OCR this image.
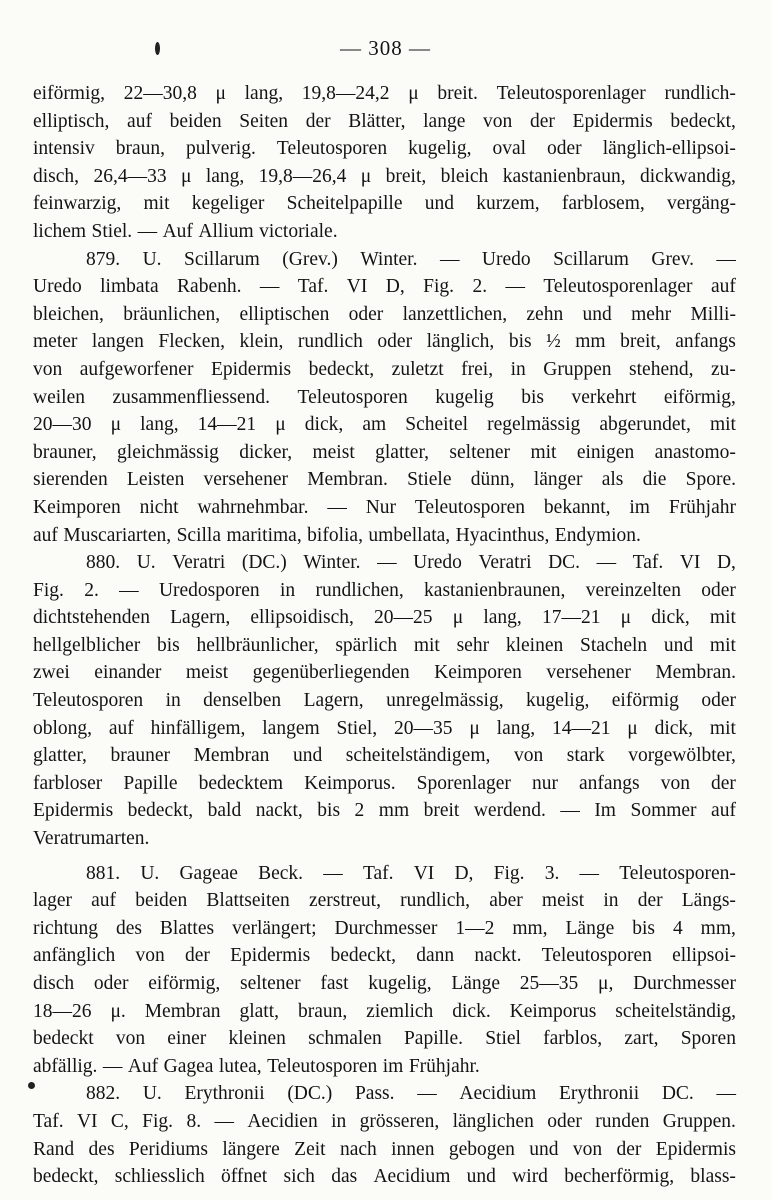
— 308 —
eiförmig, 22—30,8 μ lang, 19,8—24,2 μ breit. Teleutosporenlager rundlich-
elliptisch, auf beiden Seiten der Blätter, lange von der Epidermis bedeckt,
intensiv braun, pulverig. Teleutosporen kugelig, oval oder länglich-ellipsoi-
disch, 26,4—33 μ lang, 19,8—26,4 μ breit, bleich kastanienbraun, dickwandig,
feinwarzig, mit kegeliger Scheitelpapille und kurzem, farblosem, vergäng-
lichem Stiel. — Auf Allium victoriale.
879. U. Scillarum (Grev.) Winter. — Uredo Scillarum Grev. —
Uredo limbata Rabenh. — Taf. VI D, Fig. 2. — Teleutosporenlager auf
bleichen, bräunlichen, elliptischen oder lanzettlichen, zehn und mehr Milli-
meter langen Flecken, klein, rundlich oder länglich, bis ½ mm breit, anfangs
von aufgeworfener Epidermis bedeckt, zuletzt frei, in Gruppen stehend, zu-
weilen zusammenfliessend. Teleutosporen kugelig bis verkehrt eiförmig,
20—30 μ lang, 14—21 μ dick, am Scheitel regelmässig abgerundet, mit
brauner, gleichmässig dicker, meist glatter, seltener mit einigen anastomo-
sierenden Leisten versehener Membran. Stiele dünn, länger als die Spore.
Keimporen nicht wahrnehmbar. — Nur Teleutosporen bekannt, im Frühjahr
auf Muscariarten, Scilla maritima, bifolia, umbellata, Hyacinthus, Endymion.
880. U. Veratri (DC.) Winter. — Uredo Veratri DC. — Taf. VI D,
Fig. 2. — Uredosporen in rundlichen, kastanienbraunen, vereinzelten oder
dichtstehenden Lagern, ellipsoidisch, 20—25 μ lang, 17—21 μ dick, mit
hellgelblicher bis hellbräunlicher, spärlich mit sehr kleinen Stacheln und mit
zwei einander meist gegenüberliegenden Keimporen versehener Membran.
Teleutosporen in denselben Lagern, unregelmässig, kugelig, eiförmig oder
oblong, auf hinfälligem, langem Stiel, 20—35 μ lang, 14—21 μ dick, mit
glatter, brauner Membran und scheitelständigem, von stark vorgewölbter,
farbloser Papille bedecktem Keimporus. Sporenlager nur anfangs von der
Epidermis bedeckt, bald nackt, bis 2 mm breit werdend. — Im Sommer auf
Veratrumarten.
881. U. Gageae Beck. — Taf. VI D, Fig. 3. — Teleutosporen-
lager auf beiden Blattseiten zerstreut, rundlich, aber meist in der Längs-
richtung des Blattes verlängert; Durchmesser 1—2 mm, Länge bis 4 mm,
anfänglich von der Epidermis bedeckt, dann nackt. Teleutosporen ellipsoi-
disch oder eiförmig, seltener fast kugelig, Länge 25—35 μ, Durchmesser
18—26 μ. Membran glatt, braun, ziemlich dick. Keimporus scheitelständig,
bedeckt von einer kleinen schmalen Papille. Stiel farblos, zart, Sporen
abfällig. — Auf Gagea lutea, Teleutosporen im Frühjahr.
882. U. Erythronii (DC.) Pass. — Aecidium Erythronii DC. —
Taf. VI C, Fig. 8. — Aecidien in grösseren, länglichen oder runden Gruppen.
Rand des Peridiums längere Zeit nach innen gebogen und von der Epidermis
bedeckt, schliesslich öffnet sich das Aecidium und wird becherförmig, blass-
